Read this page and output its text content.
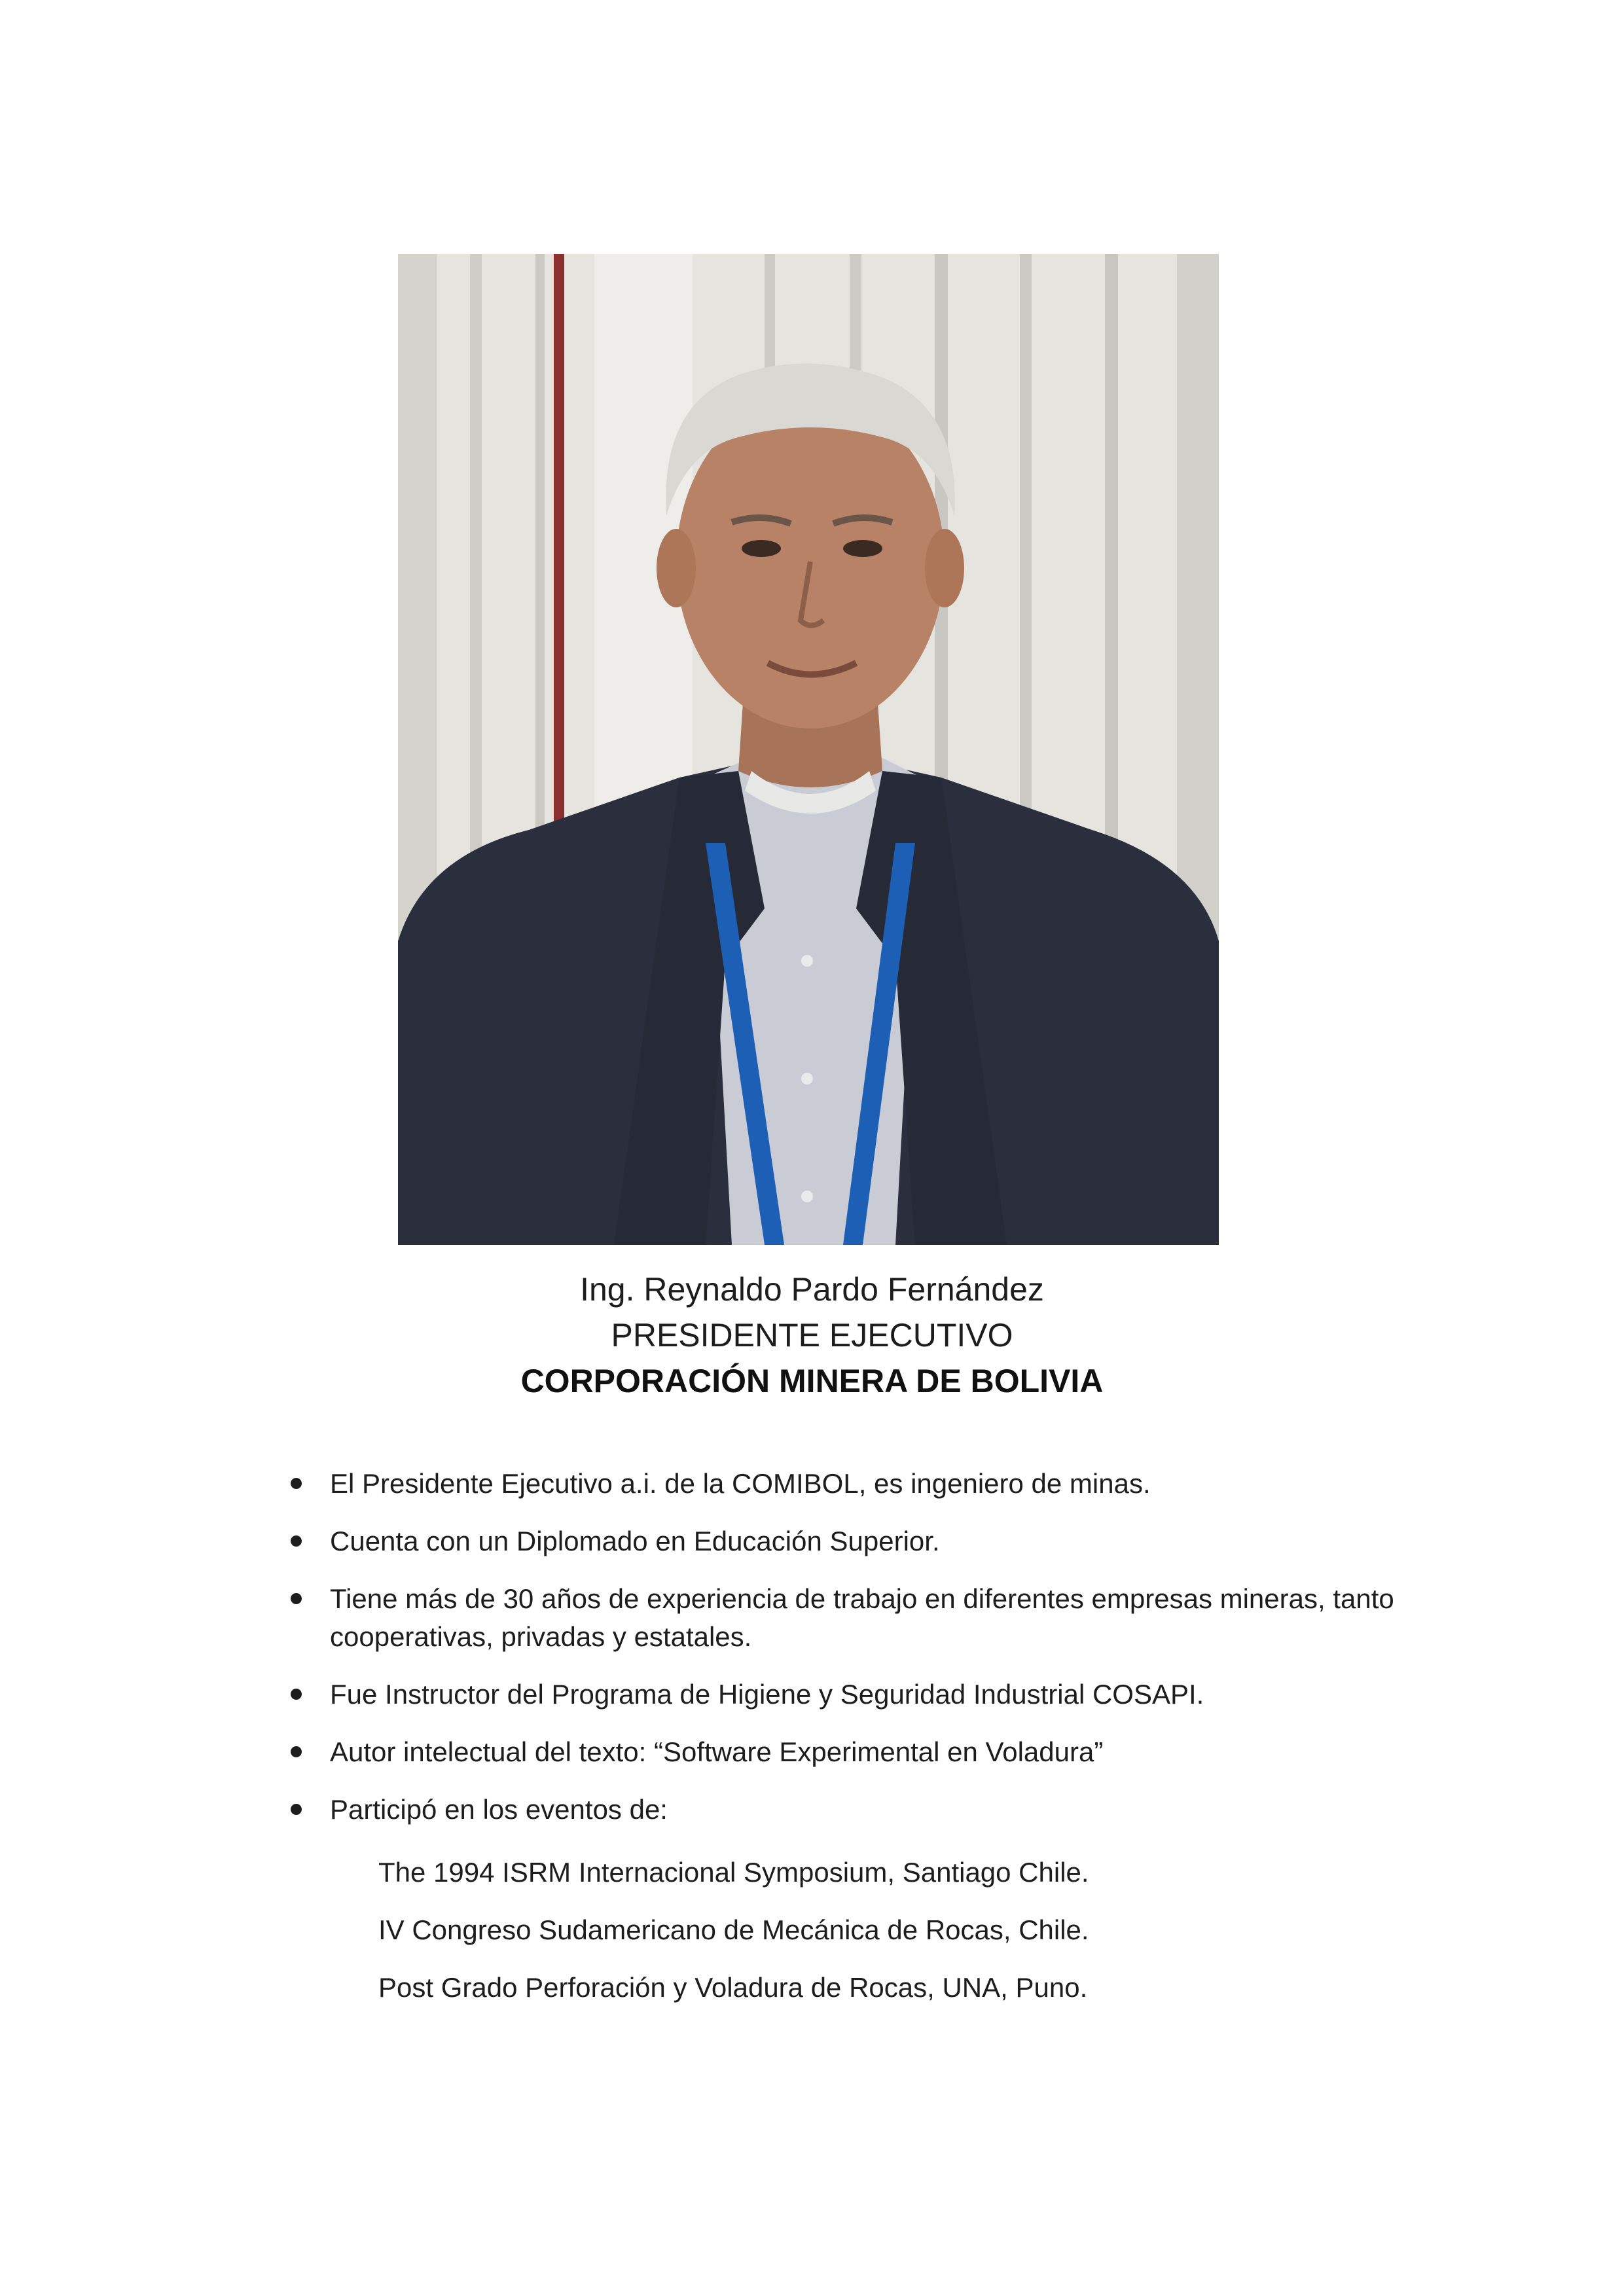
Ing. Reynaldo Pardo Fernández
PRESIDENTE EJECUTIVO
CORPORACIÓN MINERA DE BOLIVIA
El Presidente Ejecutivo a.i. de la COMIBOL, es ingeniero de minas.
Cuenta con un Diplomado en Educación Superior.
Tiene más de 30 años de experiencia de trabajo en diferentes empresas mineras, tanto cooperativas, privadas y estatales.
Fue Instructor del Programa de Higiene y Seguridad Industrial COSAPI.
Autor intelectual del texto: “Software Experimental en Voladura”
Participó en los eventos de:
The 1994 ISRM Internacional Symposium, Santiago Chile.
IV Congreso Sudamericano de Mecánica de Rocas, Chile.
Post Grado Perforación y Voladura de Rocas, UNA, Puno.
